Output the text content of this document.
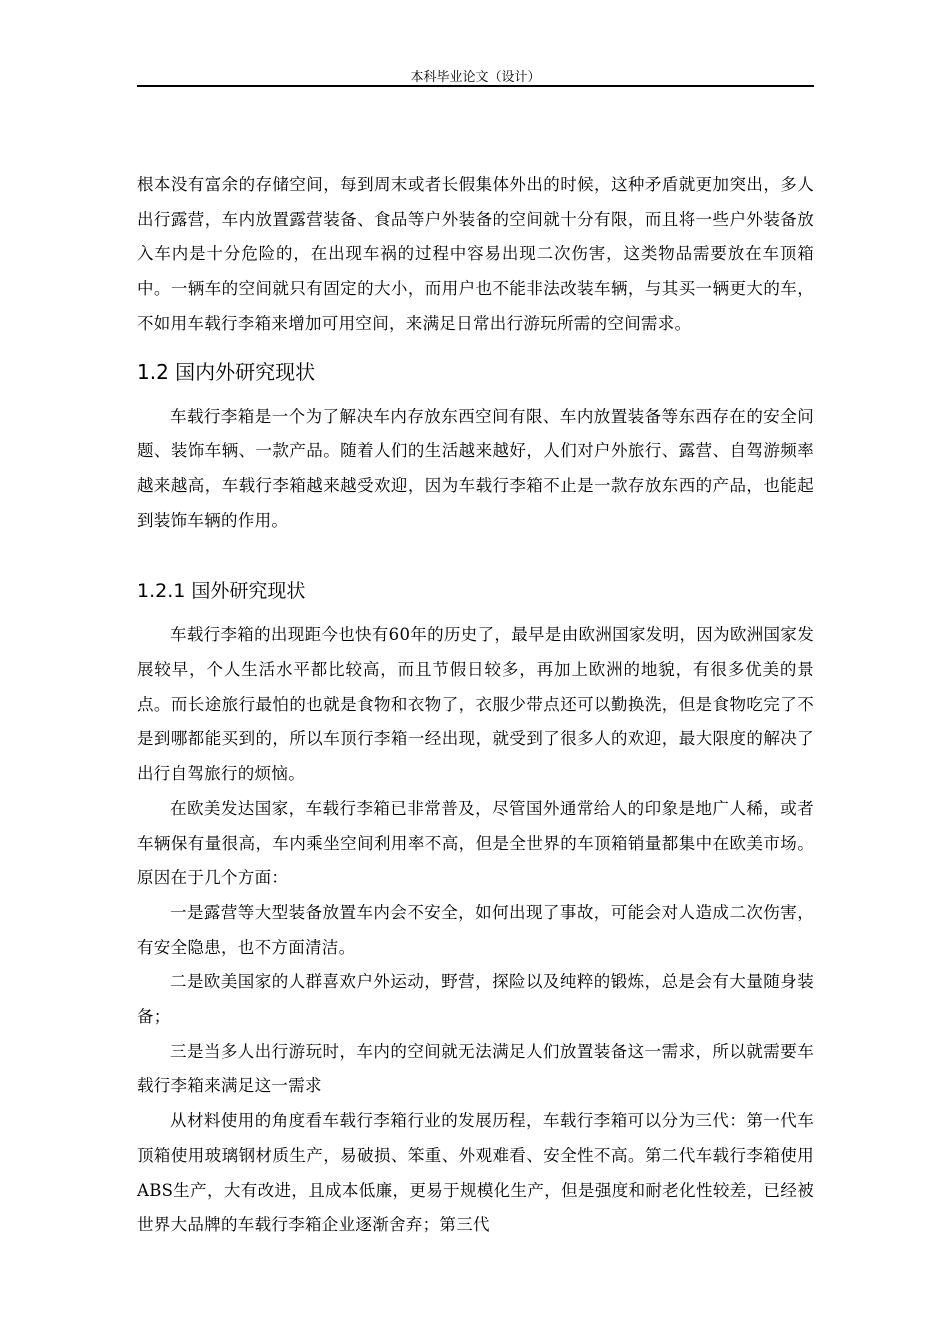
本科毕业论文（设计）

根本没有富余的存储空间，每到周末或者长假集体外出的时候，这种矛盾就更加突出，多人出行露营，车内放置露营装备、食品等户外装备的空间就十分有限，而且将一些户外装备放入车内是十分危险的，在出现车祸的过程中容易出现二次伤害，这类物品需要放在车顶箱中。一辆车的空间就只有固定的大小，而用户也不能非法改装车辆，与其买一辆更大的车，不如用车载行李箱来增加可用空间，来满足日常出行游玩所需的空间需求。

1.2 国内外研究现状

车载行李箱是一个为了解决车内存放东西空间有限、车内放置装备等东西存在的安全问题、装饰车辆、一款产品。随着人们的生活越来越好，人们对户外旅行、露营、自驾游频率越来越高，车载行李箱越来越受欢迎，因为车载行李箱不止是一款存放东西的产品，也能起到装饰车辆的作用。

1.2.1 国外研究现状

车载行李箱的出现距今也快有60年的历史了，最早是由欧洲国家发明，因为欧洲国家发展较早，个人生活水平都比较高，而且节假日较多，再加上欧洲的地貌，有很多优美的景点。而长途旅行最怕的也就是食物和衣物了，衣服少带点还可以勤换洗，但是食物吃完了不是到哪都能买到的，所以车顶行李箱一经出现，就受到了很多人的欢迎，最大限度的解决了出行自驾旅行的烦恼。

在欧美发达国家，车载行李箱已非常普及，尽管国外通常给人的印象是地广人稀，或者车辆保有量很高，车内乘坐空间利用率不高，但是全世界的车顶箱销量都集中在欧美市场。原因在于几个方面：

一是露营等大型装备放置车内会不安全，如何出现了事故，可能会对人造成二次伤害，有安全隐患，也不方面清洁。

二是欧美国家的人群喜欢户外运动，野营，探险以及纯粹的锻炼，总是会有大量随身装备；

三是当多人出行游玩时，车内的空间就无法满足人们放置装备这一需求，所以就需要车载行李箱来满足这一需求

从材料使用的角度看车载行李箱行业的发展历程，车载行李箱可以分为三代：第一代车顶箱使用玻璃钢材质生产，易破损、笨重、外观难看、安全性不高。第二代车载行李箱使用ABS生产，大有改进，且成本低廉，更易于规模化生产，但是强度和耐老化性较差，已经被世界大品牌的车载行李箱企业逐渐舍弃；第三代
